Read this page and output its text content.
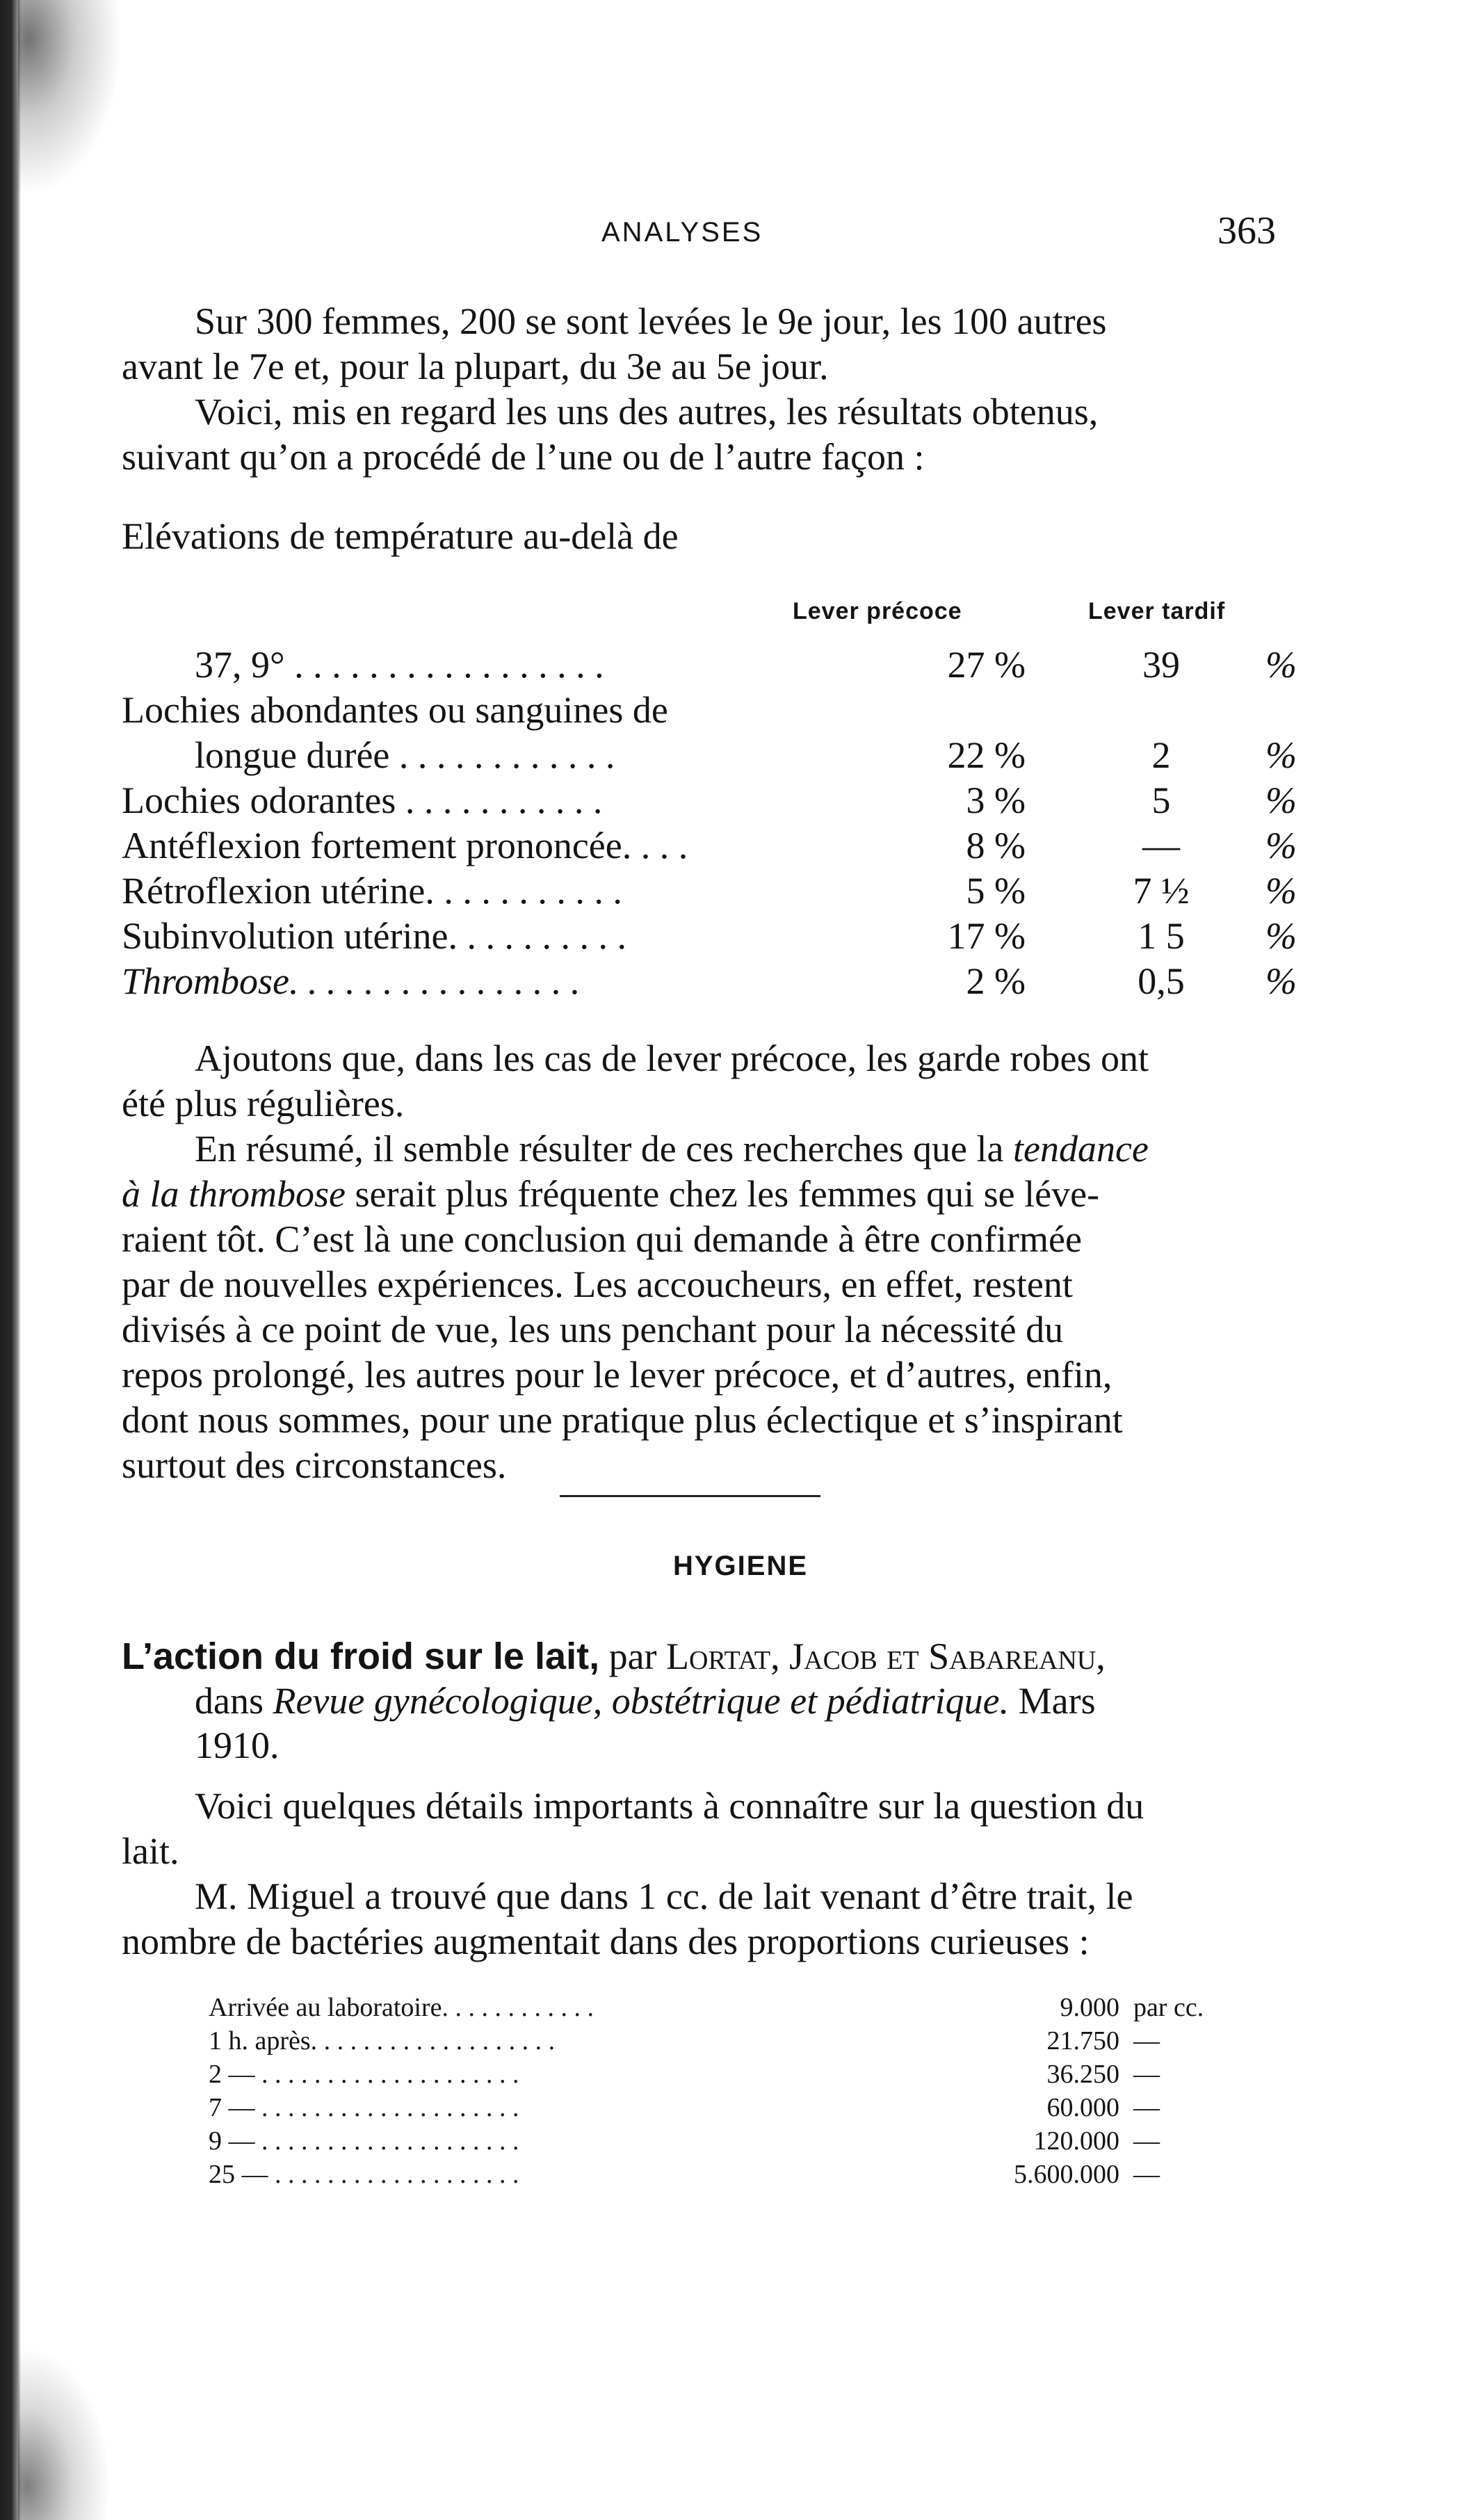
ANALYSES	363

Sur 300 femmes, 200 se sont levées le 9e jour, les 100 autres
avant le 7e et, pour la plupart, du 3e au 5e jour.
Voici, mis en regard les uns des autres, les résultats obtenus,
suivant qu’on a procédé de l’une ou de l’autre façon :

Elévations de température au-delà de
Lever précoce	Lever tardif
37, 9° . . . . . . . . . . . . . . . . .	27 %	39	%
Lochies abondantes ou sanguines de
longue durée . . . . . . . . . . . .	22 %	2	%
Lochies odorantes . . . . . . . . . . .	3 %	5	%
Antéflexion fortement prononcée. . . .	8 %	—	%
Rétroflexion utérine. . . . . . . . . . .	5 %	7 ½	%
Subinvolution utérine. . . . . . . . . .	17 %	1 5	%
Thrombose. . . . . . . . . . . . . . . .	2 %	0,5	%

Ajoutons que, dans les cas de lever précoce, les garde robes ont
été plus régulières.
En résumé, il semble résulter de ces recherches que la tendance
à la thrombose serait plus fréquente chez les femmes qui se léve-
raient tôt. C’est là une conclusion qui demande à être confirmée
par de nouvelles expériences. Les accoucheurs, en effet, restent
divisés à ce point de vue, les uns penchant pour la nécessité du
repos prolongé, les autres pour le lever précoce, et d’autres, enfin,
dont nous sommes, pour une pratique plus éclectique et s’inspirant
surtout des circonstances.

HYGIENE
L’action du froid sur le lait, par Lortat, Jacob et Sabareanu,
dans Revue gynécologique, obstétrique et pédiatrique. Mars
1910.

Voici quelques détails importants à connaître sur la question du
lait.
M. Miguel a trouvé que dans 1 cc. de lait venant d’être trait, le
nombre de bactéries augmentait dans des proportions curieuses :

Arrivée au laboratoire. . . . . . . . . . . .	9.000 par cc.
1 h. après. . . . . . . . . . . . . . . . . . .	21.750 —
2 — . . . . . . . . . . . . . . . . . . . .	36.250 —
7 — . . . . . . . . . . . . . . . . . . . .	60.000 —
9 — . . . . . . . . . . . . . . . . . . . .	120.000 —
25 — . . . . . . . . . . . . . . . . . . .	5.600.000 —
